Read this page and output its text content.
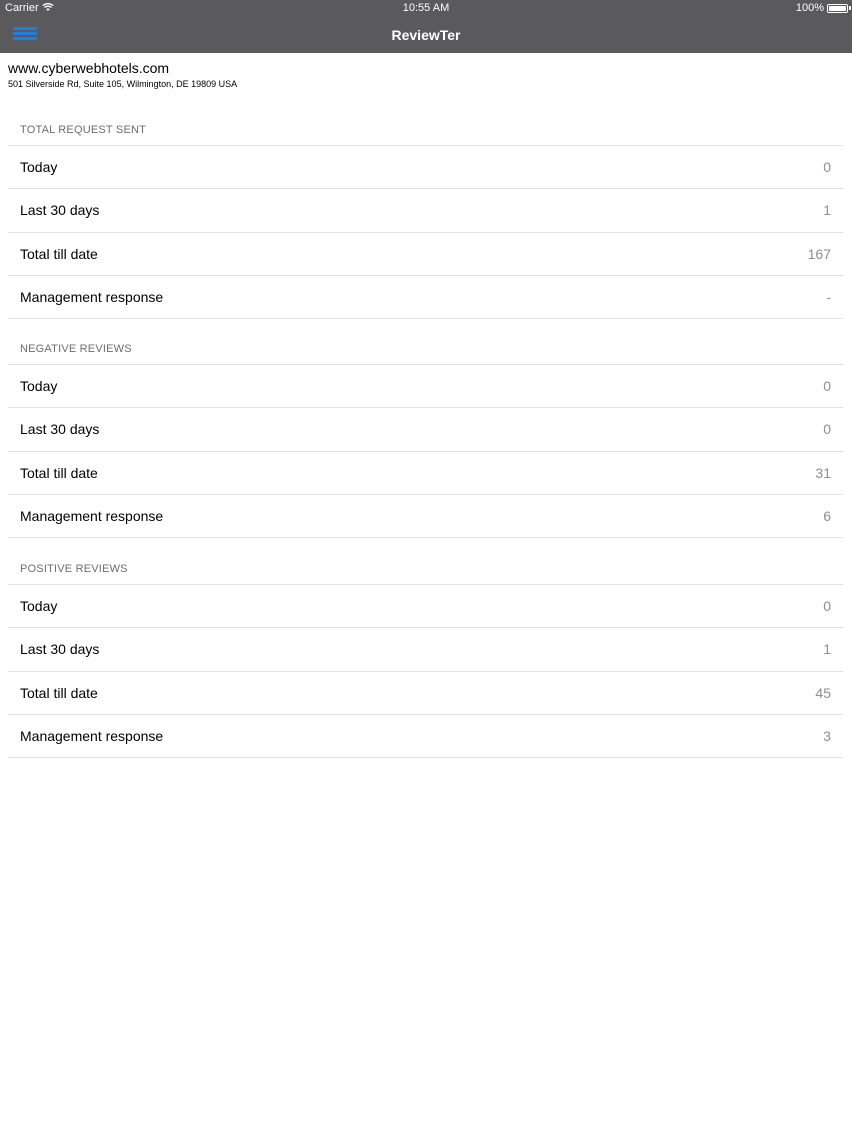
Carrier	10:55 AM	100%
ReviewTer
www.cyberwebhotels.com
501 Silverside Rd, Suite 105, Wilmington, DE 19809 USA
TOTAL REQUEST SENT
Today	0
Last 30 days	1
Total till date	167
Management response	-
NEGATIVE REVIEWS
Today	0
Last 30 days	0
Total till date	31
Management response	6
POSITIVE REVIEWS
Today	0
Last 30 days	1
Total till date	45
Management response	3
